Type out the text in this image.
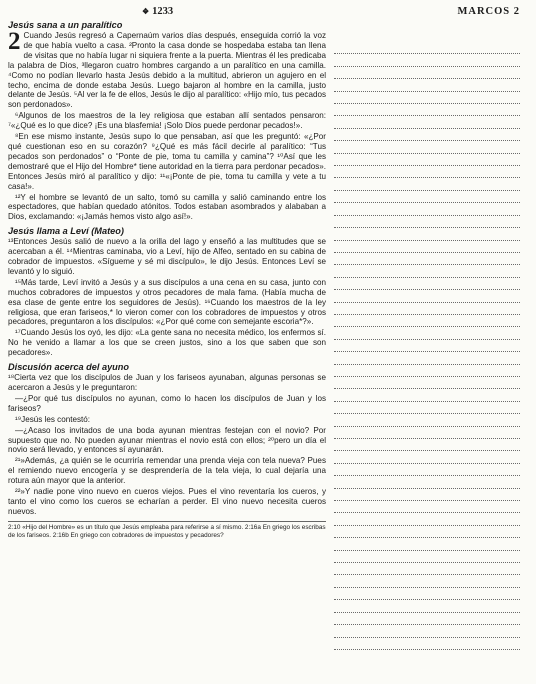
❖ 1233	MARCOS 2
Jesús sana a un paralítico

2 Cuando Jesús regresó a Capernaúm varios días después, enseguida corrió la voz de que había vuelto a casa. ²Pronto la casa donde se hospedaba estaba tan llena de visitas que no había lugar ni siquiera frente a la puerta. Mientras él les predicaba la palabra de Dios, ³llegaron cuatro hombres cargando a un paralítico en una camilla. ⁴Como no podían llevarlo hasta Jesús debido a la multitud, abrieron un agujero en el techo, encima de donde estaba Jesús. Luego bajaron al hombre en la camilla, justo delante de Jesús. ⁵Al ver la fe de ellos, Jesús le dijo al paralítico: «Hijo mío, tus pecados son perdonados».

⁶Algunos de los maestros de la ley religiosa que estaban allí sentados pensaron: ⁷«¿Qué es lo que dice? ¡Es una blasfemia! ¡Solo Dios puede perdonar pecados!».

⁸En ese mismo instante, Jesús supo lo que pensaban, así que les preguntó: «¿Por qué cuestionan eso en su corazón? ⁹¿Qué es más fácil decirle al paralítico: “Tus pecados son perdonados” o “Ponte de pie, toma tu camilla y camina”? ¹⁰Así que les demostraré que el Hijo del Hombre* tiene autoridad en la tierra para perdonar pecados». Entonces Jesús miró al paralítico y dijo: ¹¹«¡Ponte de pie, toma tu camilla y vete a tu casa!».

¹²Y el hombre se levantó de un salto, tomó su camilla y salió caminando entre los espectadores, que habían quedado atónitos. Todos estaban asombrados y alababan a Dios, exclamando: «¡Jamás hemos visto algo así!».

Jesús llama a Leví (Mateo)

¹³Entonces Jesús salió de nuevo a la orilla del lago y enseñó a las multitudes que se acercaban a él. ¹⁴Mientras caminaba, vio a Leví, hijo de Alfeo, sentado en su cabina de cobrador de impuestos. «Sígueme y sé mi discípulo», le dijo Jesús. Entonces Leví se levantó y lo siguió.

¹⁵Más tarde, Leví invitó a Jesús y a sus discípulos a una cena en su casa, junto con muchos cobradores de impuestos y otros pecadores de mala fama. (Había mucha de esa clase de gente entre los seguidores de Jesús). ¹⁶Cuando los maestros de la ley religiosa, que eran fariseos,* lo vieron comer con los cobradores de impuestos y otros pecadores, preguntaron a los discípulos: «¿Por qué come con semejante escoria*?».

¹⁷Cuando Jesús los oyó, les dijo: «La gente sana no necesita médico, los enfermos sí. No he venido a llamar a los que se creen justos, sino a los que saben que son pecadores».

Discusión acerca del ayuno

¹⁸Cierta vez que los discípulos de Juan y los fariseos ayunaban, algunas personas se acercaron a Jesús y le preguntaron:

—¿Por qué tus discípulos no ayunan, como lo hacen los discípulos de Juan y los fariseos?

¹⁹Jesús les contestó:

—¿Acaso los invitados de una boda ayunan mientras festejan con el novio? Por supuesto que no. No pueden ayunar mientras el novio está con ellos; ²⁰pero un día el novio será llevado, y entonces sí ayunarán.

²¹»Además, ¿a quién se le ocurriría remendar una prenda vieja con tela nueva? Pues el remiendo nuevo encogería y se desprendería de la tela vieja, lo cual dejaría una rotura aún mayor que la anterior.

²²»Y nadie pone vino nuevo en cueros viejos. Pues el vino reventaría los cueros, y tanto el vino como los cueros se echarían a perder. El vino nuevo necesita cueros nuevos.

2:10 «Hijo del Hombre» es un título que Jesús empleaba para referirse a sí mismo. 2:16a En griego los escribas de los fariseos. 2:16b En griego con cobradores de impuestos y pecadores?
